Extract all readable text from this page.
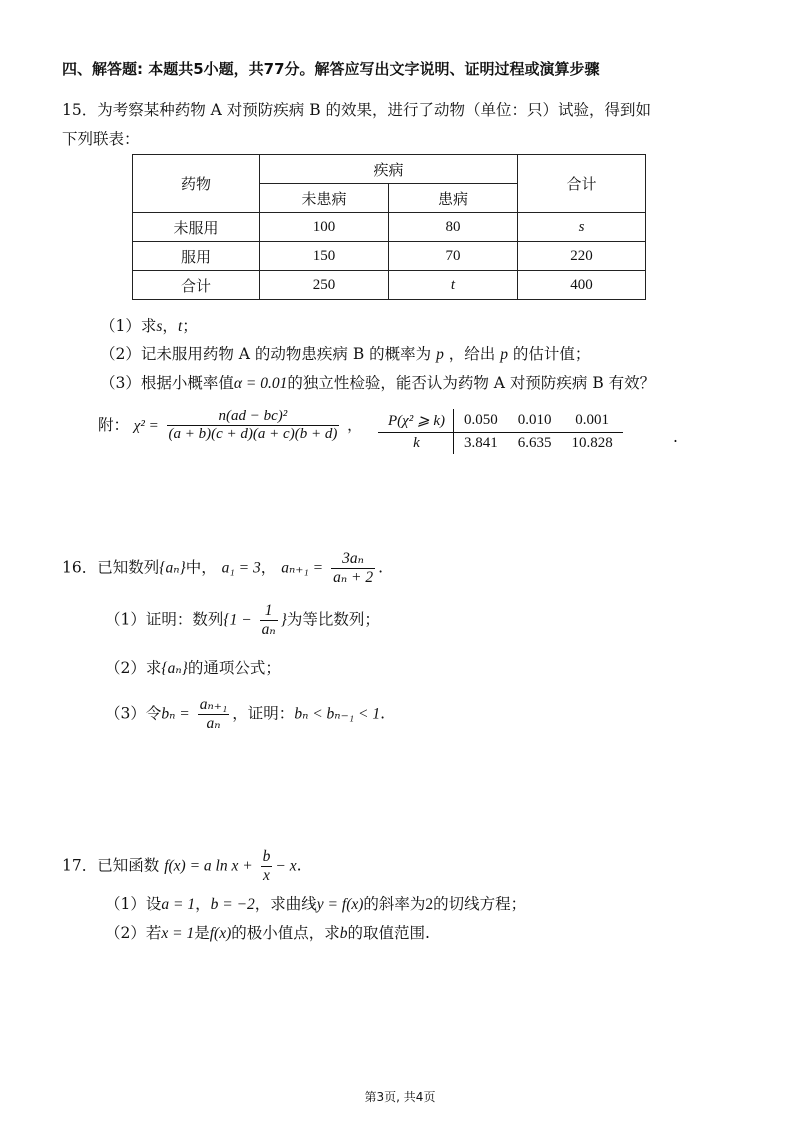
四、解答题: 本题共5小题，共77分。解答应写出文字说明、证明过程或演算步骤
15．为考察某种药物 A 对预防疾病 B 的效果，进行了动物（单位：只）试验，得到如
下列联表：
药物	疾病		合计
	未患病	患病	
未服用	100	80	s
服用	150	70	220
合计	250	t	400
（1）求s，t；
（2）记未服用药物 A 的动物患疾病 B 的概率为 p ，给出 p 的估计值；
（3）根据小概率值α = 0.01的独立性检验，能否认为药物 A 对预防疾病 B 有效？
附： $\chi^2 = \frac{\text{n(ad − bc)²}}{(a + b)(c + d)(a + c)(b + d)}$ ， P(χ² ⩾ k)	0.050	0.010	0.001
k	3.841	6.635	10.828	.
16．已知数列{aₙ}中， a₁ = 3， $a_{n+1} = \frac{\text{3aₙ}}{\text{aₙ + 2}}$ .
（1）证明：数列{$1 - \frac{1}{\text{aₙ}}$ }为等比数列；
（2）求{aₙ}的通项公式；
（3）令$b_n = \frac{\text{aₙ₊₁}}{\text{aₙ}}$ ，证明：bₙ < bₙ₋₁ < 1.
17．已知函数 f(x) = a $\ln x + \frac{b}{x} - x$.
（1）设a = 1，b = −2，求曲线y = f(x)的斜率为2的切线方程；
（2）若x = 1是f(x)的极小值点，求b的取值范围.
第3页, 共4页
